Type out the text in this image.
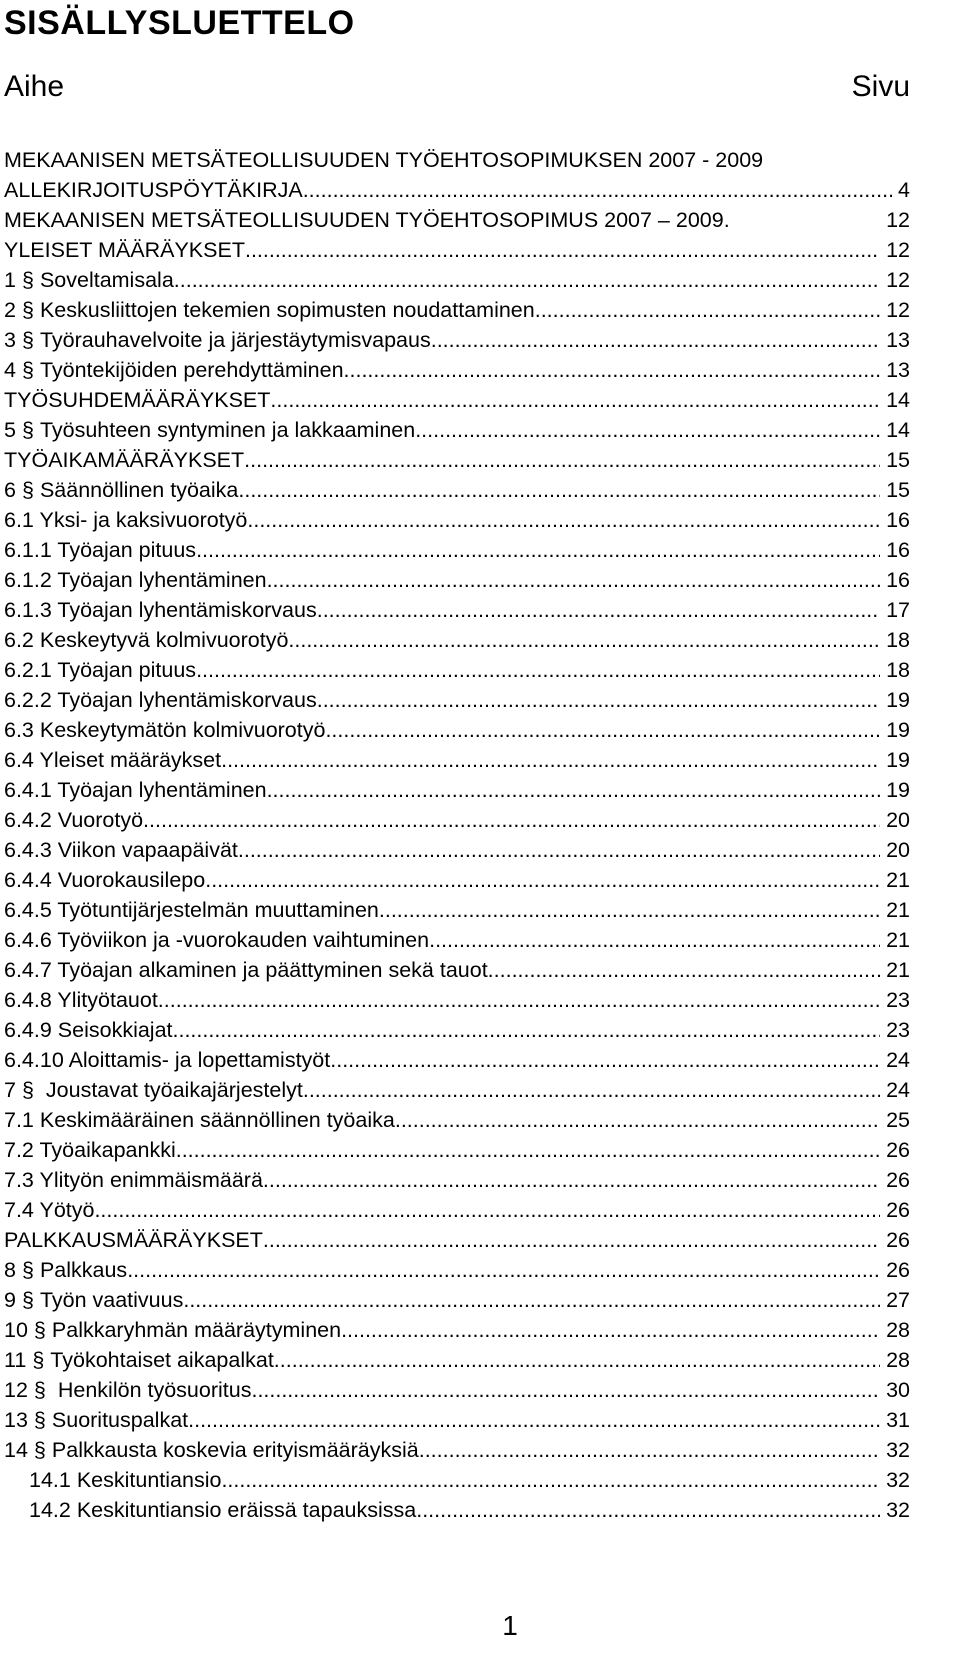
SISÄLLYSLUETTELO
Aihe	Sivu
MEKAANISEN METSÄTEOLLISUUDEN TYÖEHTOSOPIMUKSEN 2007 - 2009
ALLEKIRJOITUSPÖYTÄKIRJA .....	4
MEKAANISEN METSÄTEOLLISUUDEN TYÖEHTOSOPIMUS 2007 – 2009.	12
YLEISET MÄÄRÄYKSET .....	12
1 § Soveltamisala .....	12
2 § Keskusliittojen tekemien sopimusten noudattaminen .....	12
3 § Työrauhavelvoite ja järjestäytymisvapaus .....	13
4 § Työntekijöiden perehdyttäminen .....	13
TYÖSUHDEMÄÄRÄYKSET .....	14
5 § Työsuhteen syntyminen ja lakkaaminen .....	14
TYÖAIKAMÄÄRÄYKSET .....	15
6 § Säännöllinen työaika .....	15
6.1 Yksi- ja kaksivuorotyö .....	16
6.1.1 Työajan pituus .....	16
6.1.2 Työajan lyhentäminen .....	16
6.1.3 Työajan lyhentämiskorvaus .....	17
6.2 Keskeytyvä kolmivuorotyö .....	18
6.2.1 Työajan pituus .....	18
6.2.2 Työajan lyhentämiskorvaus .....	19
6.3 Keskeytymätön kolmivuorotyö .....	19
6.4 Yleiset määräykset .....	19
6.4.1 Työajan lyhentäminen .....	19
6.4.2 Vuorotyö .....	20
6.4.3 Viikon vapaapäivät .....	20
6.4.4 Vuorokausilepo .....	21
6.4.5 Työtuntijärjestelmän muuttaminen .....	21
6.4.6 Työviikon ja -vuorokauden vaihtuminen .....	21
6.4.7 Työajan alkaminen ja päättyminen sekä tauot .....	21
6.4.8 Ylityötauot .....	23
6.4.9 Seisokkiajat .....	23
6.4.10 Aloittamis- ja lopettamistyöt .....	24
7 § Joustavat työaikajärjestelyt .....	24
7.1 Keskimääräinen säännöllinen työaika .....	25
7.2 Työaikapankki .....	26
7.3 Ylityön enimmäismäärä .....	26
7.4 Yötyö .....	26
PALKKAUSMÄÄRÄYKSET .....	26
8 § Palkkaus .....	26
9 § Työn vaativuus .....	27
10 § Palkkaryhmän määräytyminen .....	28
11 § Työkohtaiset aikapalkat .....	28
12 § Henkilön työsuoritus .....	30
13 § Suorituspalkat .....	31
14 § Palkkausta koskevia erityismääräyksiä .....	32
14.1 Keskituntiansio .....	32
14.2 Keskituntiansio eräissä tapauksissa .....	32
1
